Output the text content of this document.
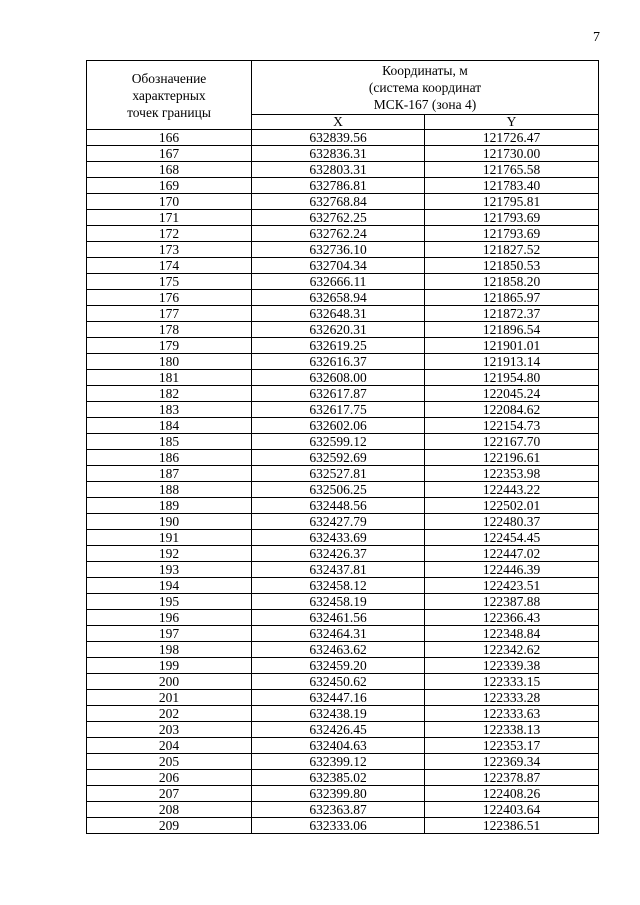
7
Обозначение
характерных
точек границы	Координаты, м
(система координат
МСК-167 (зона 4)	

	X	Y
166	632839.56	121726.47
167	632836.31	121730.00
168	632803.31	121765.58
169	632786.81	121783.40
170	632768.84	121795.81
171	632762.25	121793.69
172	632762.24	121793.69
173	632736.10	121827.52
174	632704.34	121850.53
175	632666.11	121858.20
176	632658.94	121865.97
177	632648.31	121872.37
178	632620.31	121896.54
179	632619.25	121901.01
180	632616.37	121913.14
181	632608.00	121954.80
182	632617.87	122045.24
183	632617.75	122084.62
184	632602.06	122154.73
185	632599.12	122167.70
186	632592.69	122196.61
187	632527.81	122353.98
188	632506.25	122443.22
189	632448.56	122502.01
190	632427.79	122480.37
191	632433.69	122454.45
192	632426.37	122447.02
193	632437.81	122446.39
194	632458.12	122423.51
195	632458.19	122387.88
196	632461.56	122366.43
197	632464.31	122348.84
198	632463.62	122342.62
199	632459.20	122339.38
200	632450.62	122333.15
201	632447.16	122333.28
202	632438.19	122333.63
203	632426.45	122338.13
204	632404.63	122353.17
205	632399.12	122369.34
206	632385.02	122378.87
207	632399.80	122408.26
208	632363.87	122403.64
209	632333.06	122386.51
